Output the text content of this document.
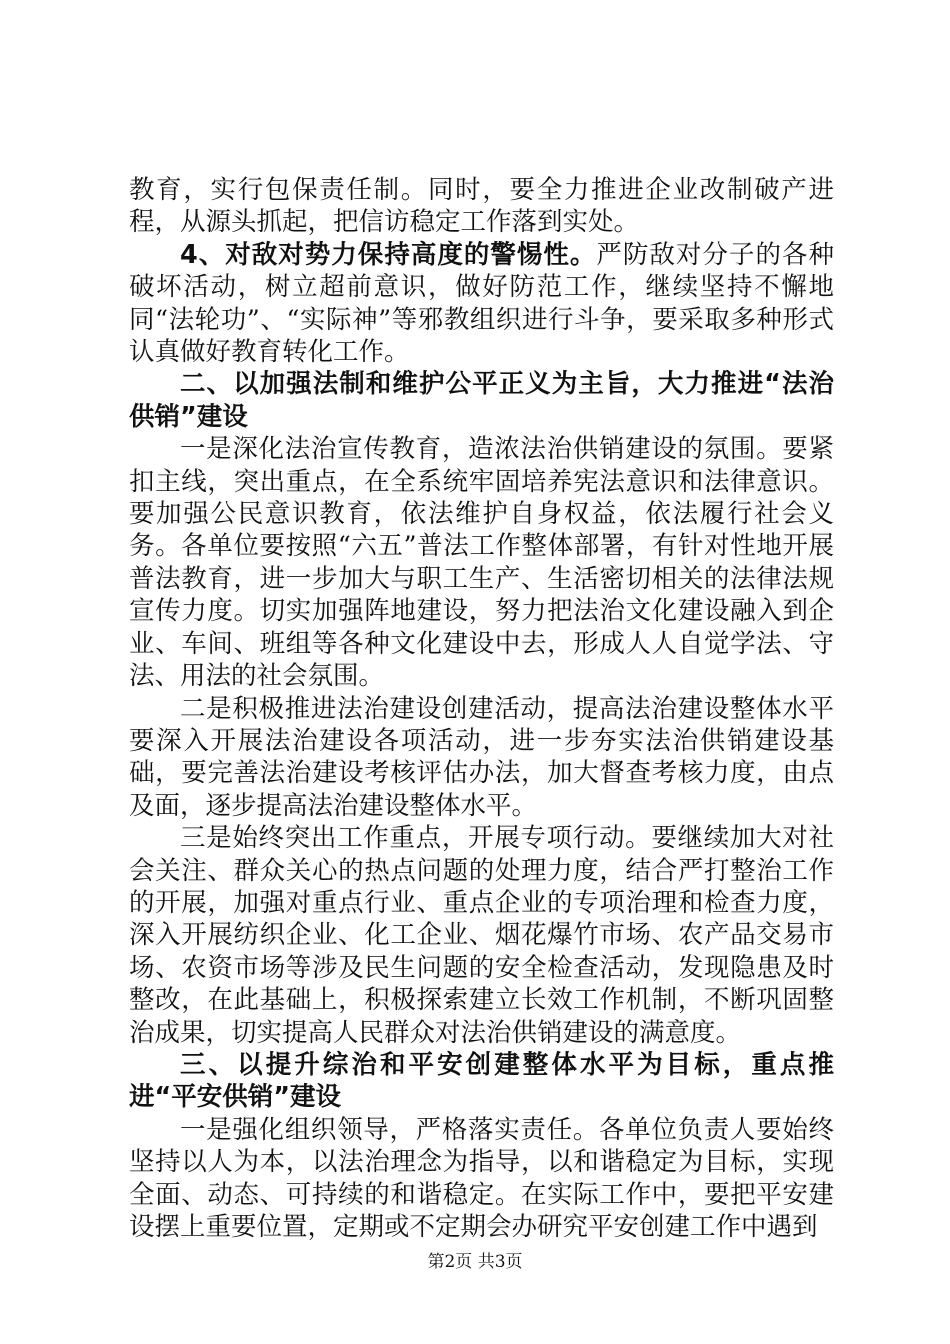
教育，实行包保责任制。同时，要全力推进企业改制破产进程，从源头抓起，把信访稳定工作落到实处。

4、对敌对势力保持高度的警惕性。严防敌对分子的各种破坏活动，树立超前意识，做好防范工作，继续坚持不懈地同“法轮功”、“实际神”等邪教组织进行斗争，要采取多种形式认真做好教育转化工作。

二、以加强法制和维护公平正义为主旨，大力推进“法治供销”建设

一是深化法治宣传教育，造浓法治供销建设的氛围。要紧扣主线，突出重点，在全系统牢固培养宪法意识和法律意识。要加强公民意识教育，依法维护自身权益，依法履行社会义务。各单位要按照“六五”普法工作整体部署，有针对性地开展普法教育，进一步加大与职工生产、生活密切相关的法律法规宣传力度。切实加强阵地建设，努力把法治文化建设融入到企业、车间、班组等各种文化建设中去，形成人人自觉学法、守法、用法的社会氛围。

二是积极推进法治建设创建活动，提高法治建设整体水平要深入开展法治建设各项活动，进一步夯实法治供销建设基础，要完善法治建设考核评估办法，加大督查考核力度，由点及面，逐步提高法治建设整体水平。

三是始终突出工作重点，开展专项行动。要继续加大对社会关注、群众关心的热点问题的处理力度，结合严打整治工作的开展，加强对重点行业、重点企业的专项治理和检查力度，深入开展纺织企业、化工企业、烟花爆竹市场、农产品交易市场、农资市场等涉及民生问题的安全检查活动，发现隐患及时整改，在此基础上，积极探索建立长效工作机制，不断巩固整治成果，切实提高人民群众对法治供销建设的满意度。

三、以提升综治和平安创建整体水平为目标，重点推进“平安供销”建设

一是强化组织领导，严格落实责任。各单位负责人要始终坚持以人为本，以法治理念为指导，以和谐稳定为目标，实现全面、动态、可持续的和谐稳定。在实际工作中，要把平安建设摆上重要位置，定期或不定期会办研究平安创建工作中遇到

第2页 共3页
